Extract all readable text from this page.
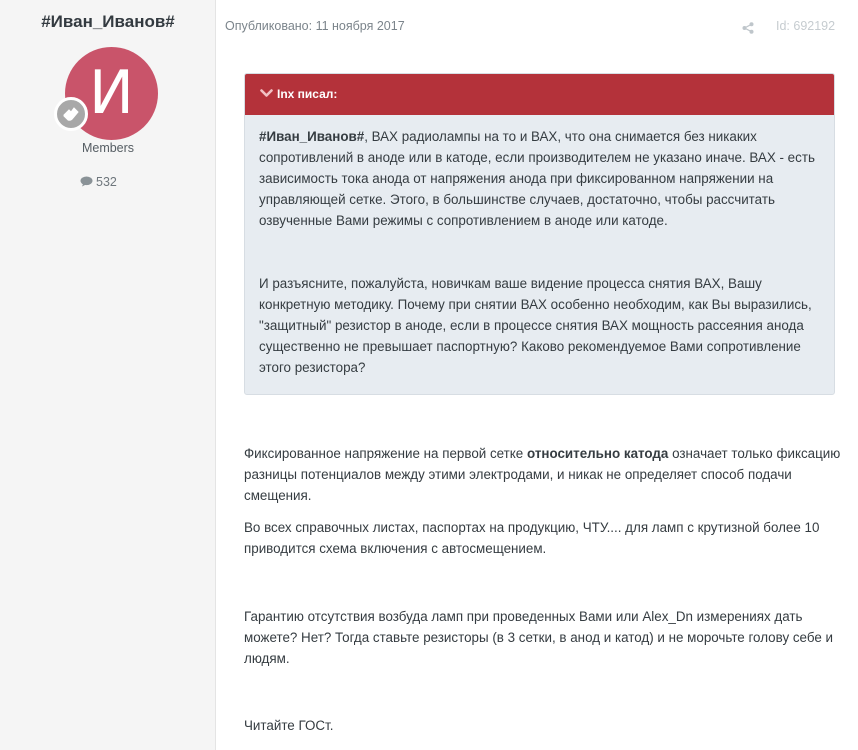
#Иван_Иванов#
И
Members
532
Опубликовано: 11 ноября 2017	Id: 692192
Inx писал:

#Иван_Иванов#, ВАХ радиолампы на то и ВАХ, что она снимается без никаких сопротивлений в аноде или в катоде, если производителем не указано иначе. ВАХ - есть зависимость тока анода от напряжения анода при фиксированном напряжении на управляющей сетке. Этого, в большинстве случаев, достаточно, чтобы рассчитать озвученные Вами режимы с сопротивлением в аноде или катоде.

И разъясните, пожалуйста, новичкам ваше видение процесса снятия ВАХ, Вашу конкретную методику. Почему при снятии ВАХ особенно необходим, как Вы выразились, "защитный" резистор в аноде, если в процессе снятия ВАХ мощность рассеяния анода существенно не превышает паспортную? Каково рекомендуемое Вами сопротивление этого резистора?

Фиксированное напряжение на первой сетке относительно катода означает только фиксацию разницы потенциалов между этими электродами, и никак не определяет способ подачи смещения.
Во всех справочных листах, паспортах на продукцию, ЧТУ.... для ламп с крутизной более 10 приводится схема включения с автосмещением.
Гарантию отсутствия возбуда ламп при проведенных Вами или Alex_Dn измерениях дать можете? Нет? Тогда ставьте резисторы (в 3 сетки, в анод и катод) и не морочьте голову себе и людям.
Читайте ГОСт.
